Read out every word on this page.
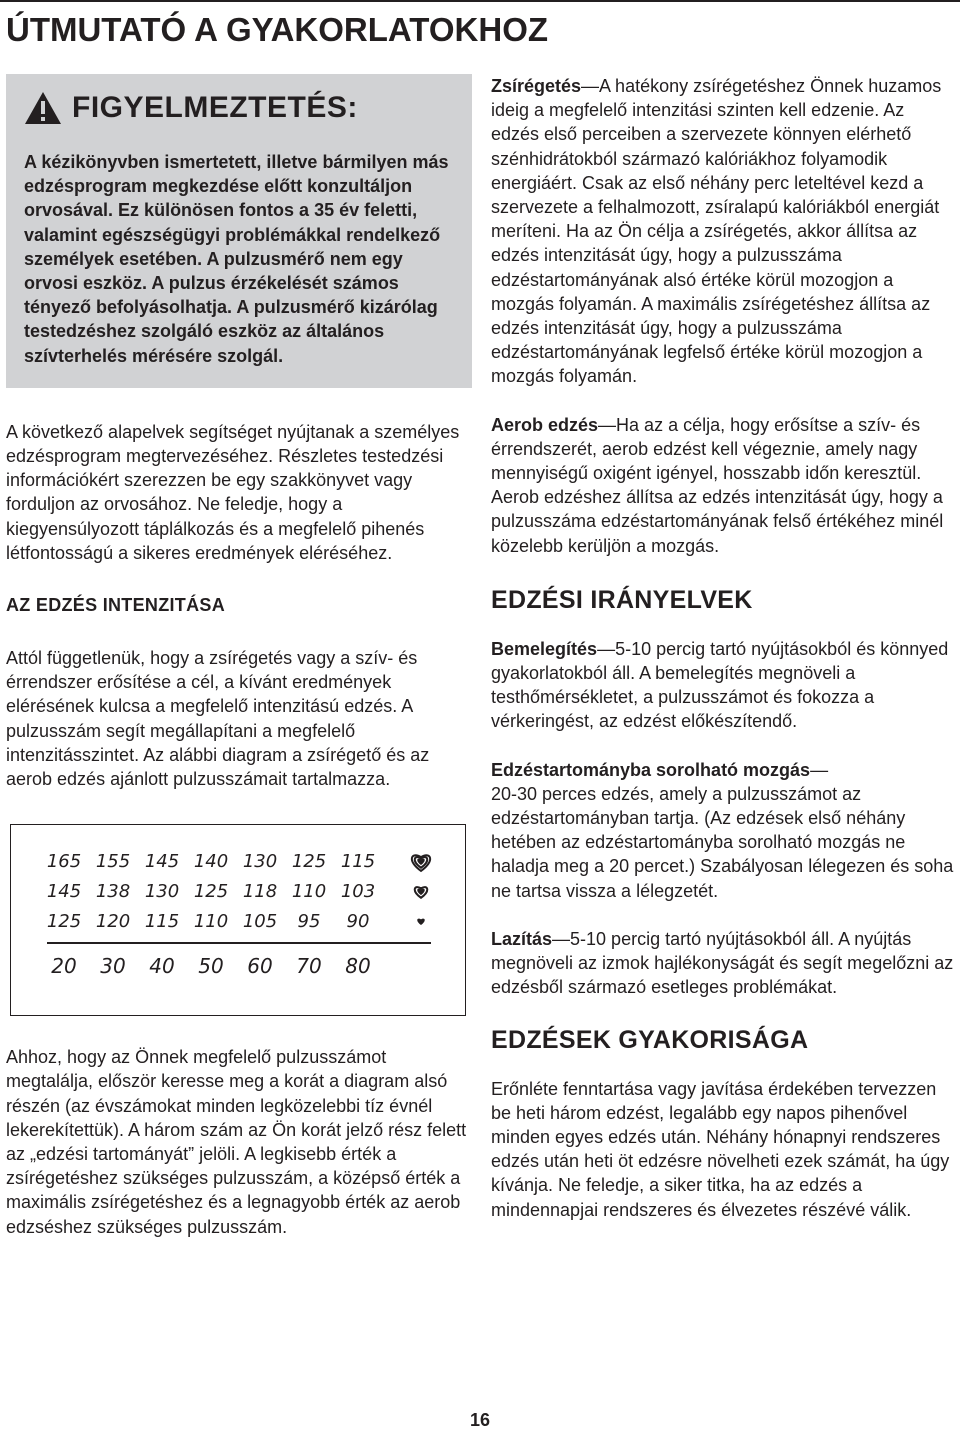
ÚTMUTATÓ A GYAKORLATOKHOZ
FIGYELMEZTETÉS:

A kézikönyvben ismertetett, illetve bármilyen más edzésprogram megkezdése előtt konzultáljon orvosával. Ez különösen fontos a 35 év feletti, valamint egészségügyi problémákkal rendelkező személyek esetében. A pulzusmérő nem egy orvosi eszköz. A pulzus érzékelését számos tényező befolyásolhatja. A pulzusmérő kizárólag testedzéshez szolgáló eszköz az általános szívterhelés mérésére szolgál.

A következő alapelvek segítséget nyújtanak a személyes edzésprogram megtervezéséhez. Részletes testedzési információkért szerezzen be egy szakkönyvet vagy forduljon az orvosához. Ne feledje, hogy a kiegyensúlyozott táplálkozás és a megfelelő pihenés létfontosságú a sikeres eredmények eléréséhez.

AZ EDZÉS INTENZITÁSA

Attól függetlenük, hogy a zsírégetés vagy a szív- és érrendszer erősítése a cél, a kívánt eredmények elérésének kulcsa a megfelelő intenzitású edzés. A pulzusszám segít megállapítani a megfelelő intenzitásszintet. Az alábbi diagram a zsírégető és az aerob edzés ajánlott pulzusszámait tartalmazza.

165 155 145 140 130 125 115
145 138 130 125 118 110 103
125 120 115 110 105 95 90
20 30 40 50 60 70 80

Ahhoz, hogy az Önnek megfelelő pulzusszámot megtalálja, először keresse meg a korát a diagram alsó részén (az évszámokat minden legközelebbi tíz évnél lekerekítettük). A három szám az Ön korát jelző rész felett az „edzési tartományát” jelöli. A legkisebb érték a zsírégetéshez szükséges pulzusszám, a középső érték a maximális zsírégetéshez és a legnagyobb érték az aerob edzséshez szükséges pulzusszám.

Zsírégetés—A hatékony zsírégetéshez Önnek huzamos ideig a megfelelő intenzitási szinten kell edzenie. Az edzés első perceiben a szervezete könnyen elérhető szénhidrátokból származó kalóriákhoz folyamodik energiáért. Csak az első néhány perc leteltével kezd a szervezete a felhalmozott, zsíralapú kalóriákból energiát meríteni. Ha az Ön célja a zsírégetés, akkor állítsa az edzés intenzitását úgy, hogy a pulzusszáma edzéstartományának alsó értéke körül mozogjon a mozgás folyamán. A maximális zsírégetéshez állítsa az edzés intenzitását úgy, hogy a pulzusszáma edzéstartományának legfelső értéke körül mozogjon a mozgás folyamán.

Aerob edzés—Ha az a célja, hogy erősítse a szív- és érrendszerét, aerob edzést kell végeznie, amely nagy mennyiségű oxigént igényel, hosszabb időn keresztül. Aerob edzéshez állítsa az edzés intenzitását úgy, hogy a pulzusszáma edzéstartományának felső értékéhez minél közelebb kerüljön a mozgás.

EDZÉSI IRÁNYELVEK

Bemelegítés—5-10 percig tartó nyújtásokból és könnyed gyakorlatokból áll. A bemelegítés megnöveli a testhőmérsékletet, a pulzusszámot és fokozza a vérkeringést, az edzést előkészítendő.

Edzéstartományba sorolható mozgás—
20-30 perces edzés, amely a pulzusszámot az edzéstartományban tartja. (Az edzések első néhány hetében az edzéstartományba sorolható mozgás ne haladja meg a 20 percet.) Szabályosan lélegezen és soha ne tartsa vissza a lélegzetét.

Lazítás—5-10 percig tartó nyújtásokból áll. A nyújtás megnöveli az izmok hajlékonyságát és segít megelőzni az edzésből származó esetleges problémákat.

EDZÉSEK GYAKORISÁGA

Erőnléte fenntartása vagy javítása érdekében tervezzen be heti három edzést, legalább egy napos pihenővel minden egyes edzés után. Néhány hónapnyi rendszeres edzés után heti öt edzésre növelheti ezek számát, ha úgy kívánja. Ne feledje, a siker titka, ha az edzés a mindennapjai rendszeres és élvezetes részévé válik.

16
